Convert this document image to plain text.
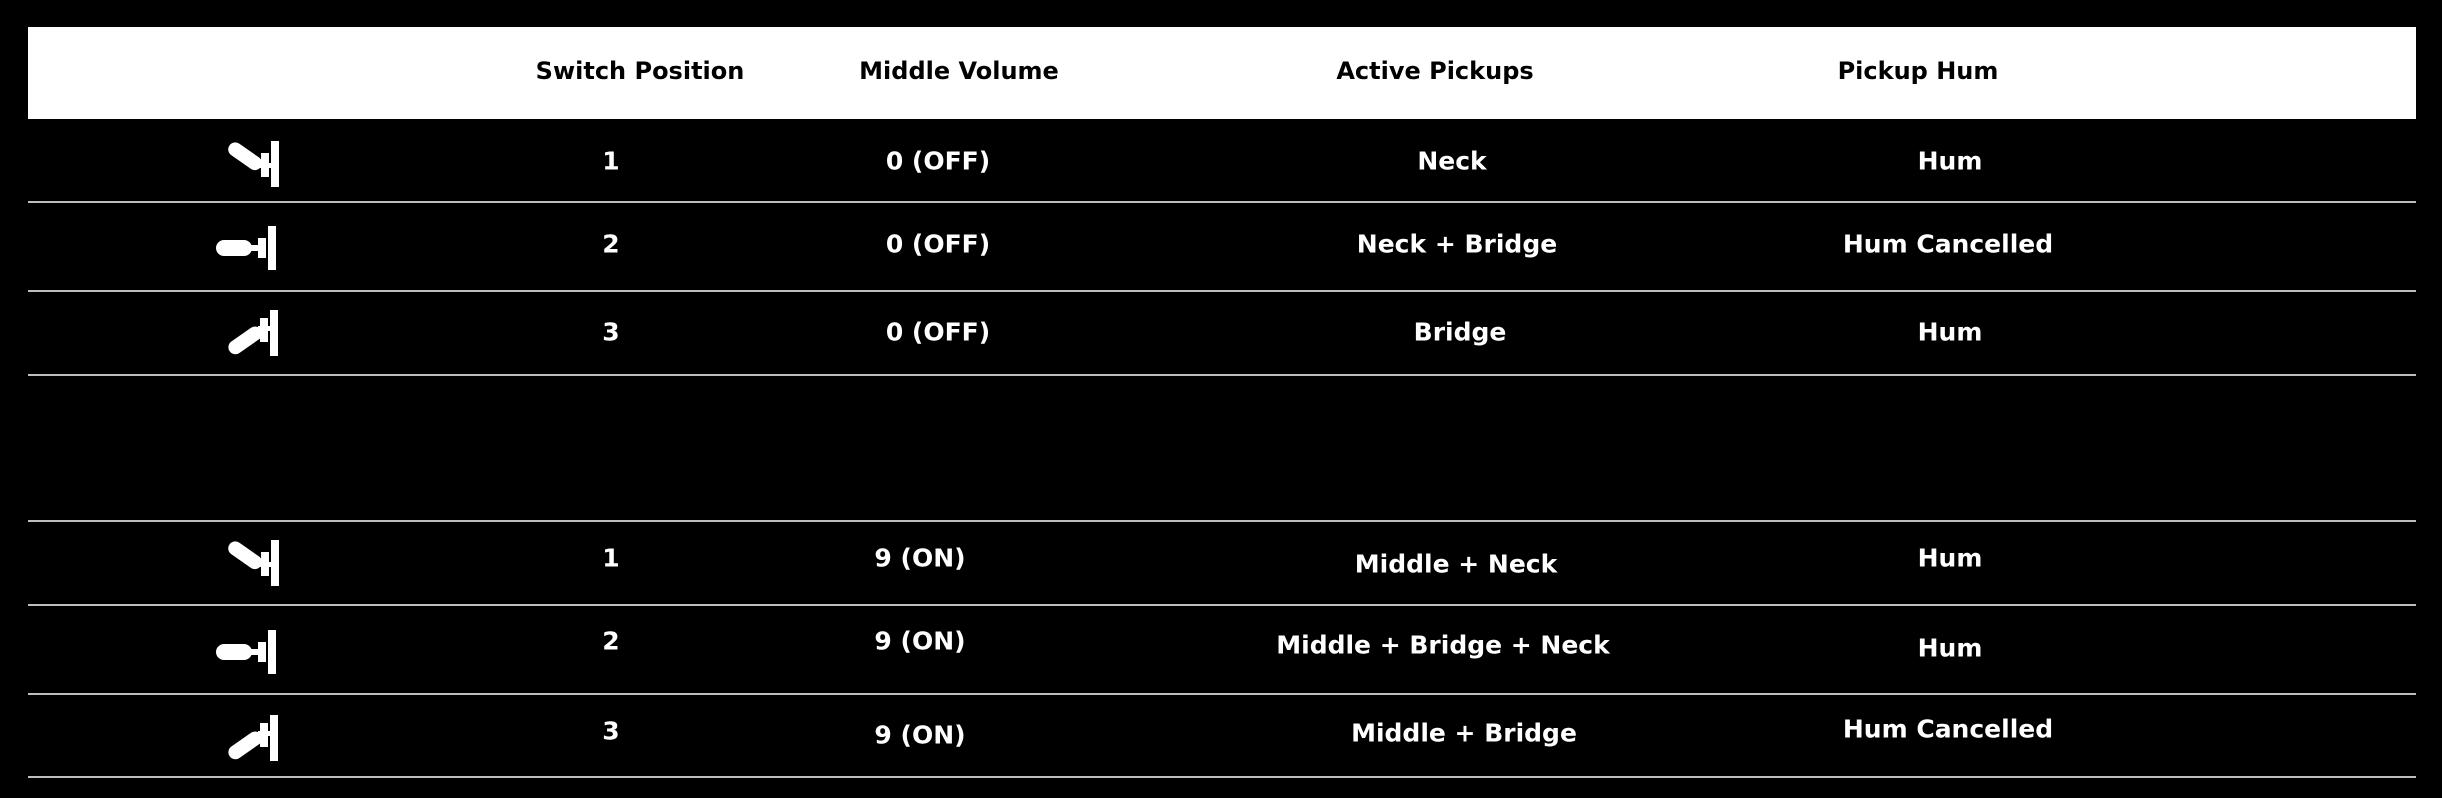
Switch Position	Middle Volume	Active Pickups	Pickup Hum
1	0 (OFF)	Neck	Hum
2	0 (OFF)	Neck + Bridge	Hum Cancelled
3	0 (OFF)	Bridge	Hum
1	9 (ON)	Middle + Neck	Hum
2	9 (ON)	Middle + Bridge + Neck	Hum
3	9 (ON)	Middle + Bridge	Hum Cancelled
